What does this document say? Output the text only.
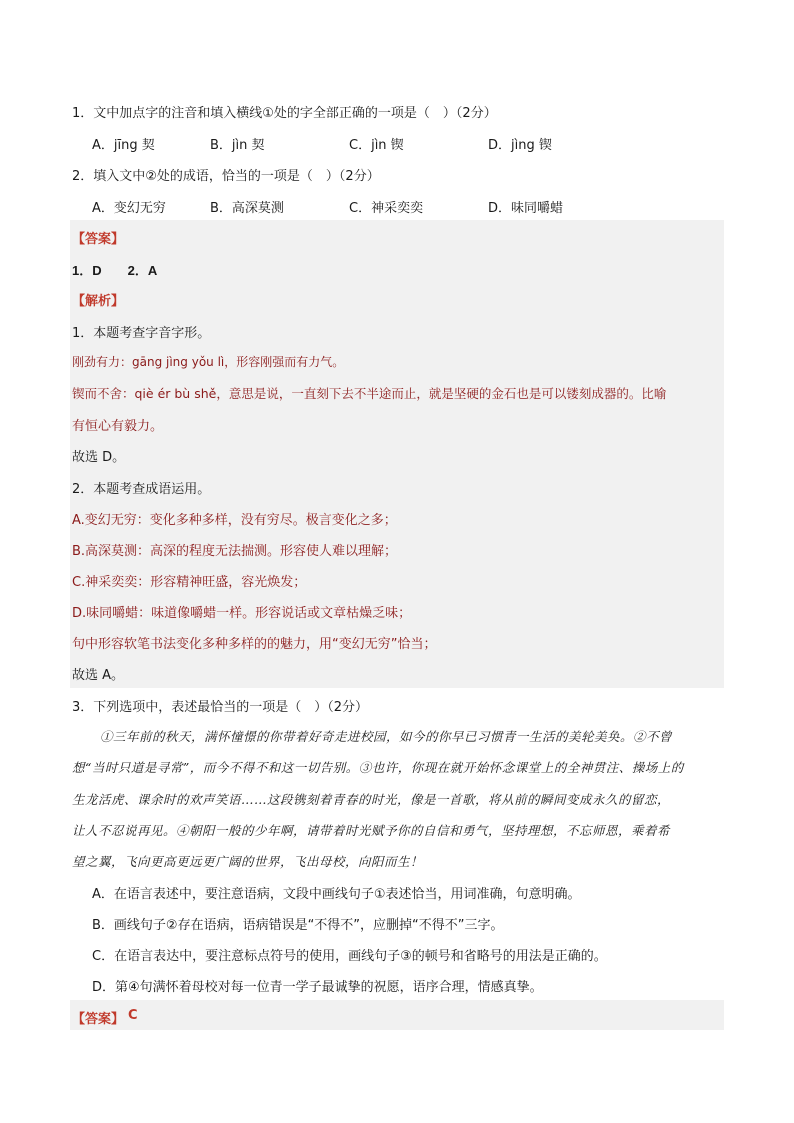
1．文中加点字的注音和填入横线①处的字全部正确的一项是（　）（2分）
A．jīng 契	B．jìn 契	C．jìn 锲	D．jìng 锲
2．填入文中②处的成语，恰当的一项是（　）（2分）
A．变幻无穷	B．高深莫测	C．神采奕奕	D．味同嚼蜡
【答案】
1．D　　2．A
【解析】
1．本题考查字音字形。
刚劲有力：gāng jìng yǒu lì，形容刚强而有力气。
锲而不舍：qiè ér bù shě，意思是说，一直刻下去不半途而止，就是坚硬的金石也是可以镂刻成器的。比喻
有恒心有毅力。
故选 D。
2．本题考查成语运用。
A.变幻无穷：变化多种多样，没有穷尽。极言变化之多；
B.高深莫测：高深的程度无法揣测。形容使人难以理解；
C.神采奕奕：形容精神旺盛，容光焕发；
D.味同嚼蜡：味道像嚼蜡一样。形容说话或文章枯燥乏味；
句中形容软笔书法变化多种多样的的魅力，用“变幻无穷”恰当；
故选 A。
3．下列选项中，表述最恰当的一项是（　）（2分）
①三年前的秋天，满怀憧憬的你带着好奇走进校园，如今的你早已习惯青一生活的美轮美奂。②不曾
想“当时只道是寻常”，而今不得不和这一切告别。③也许，你现在就开始怀念课堂上的全神贯注、操场上的
生龙活虎、课余时的欢声笑语……这段镌刻着青春的时光，像是一首歌，将从前的瞬间变成永久的留恋，
让人不忍说再见。④朝阳一般的少年啊，请带着时光赋予你的自信和勇气，坚持理想，不忘师恩，乘着希
望之翼，飞向更高更远更广阔的世界，飞出母校，向阳而生！
A．在语言表述中，要注意语病，文段中画线句子①表述恰当，用词准确，句意明确。
B．画线句子②存在语病，语病错误是“不得不”，应删掉“不得不”三字。
C．在语言表达中，要注意标点符号的使用，画线句子③的顿号和省略号的用法是正确的。
D．第④句满怀着母校对每一位青一学子最诚挚的祝愿，语序合理，情感真挚。
【答案】 C
